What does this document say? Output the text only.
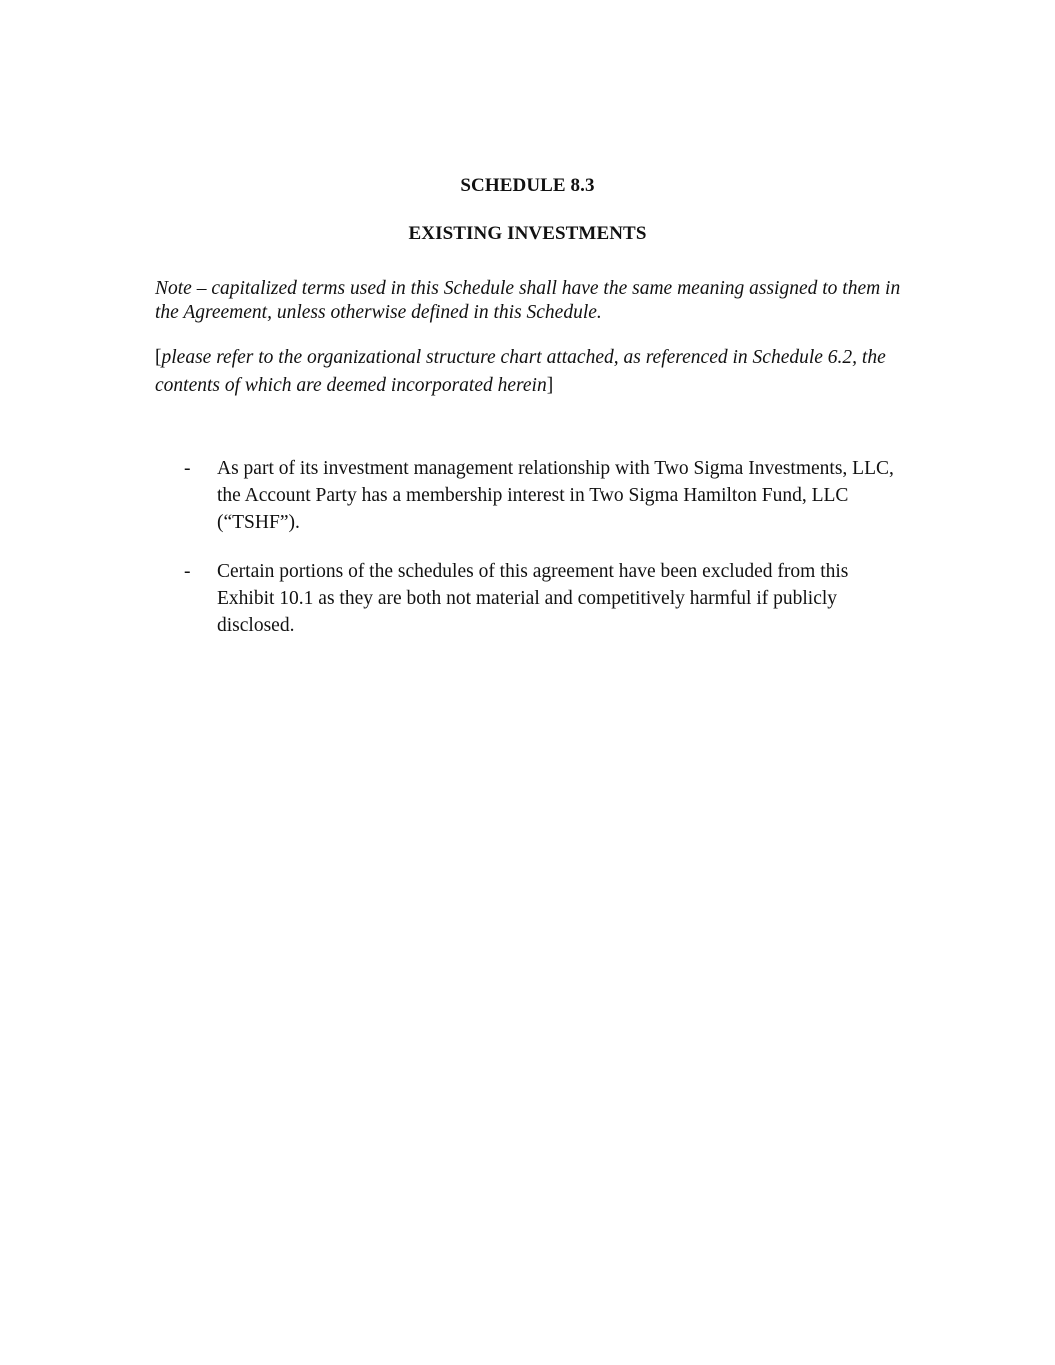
SCHEDULE 8.3
EXISTING INVESTMENTS
Note – capitalized terms used in this Schedule shall have the same meaning assigned to them in the Agreement, unless otherwise defined in this Schedule.
[please refer to the organizational structure chart attached, as referenced in Schedule 6.2, the contents of which are deemed incorporated herein]
- As part of its investment management relationship with Two Sigma Investments, LLC, the Account Party has a membership interest in Two Sigma Hamilton Fund, LLC (“TSHF”).
- Certain portions of the schedules of this agreement have been excluded from this Exhibit 10.1 as they are both not material and competitively harmful if publicly disclosed.
